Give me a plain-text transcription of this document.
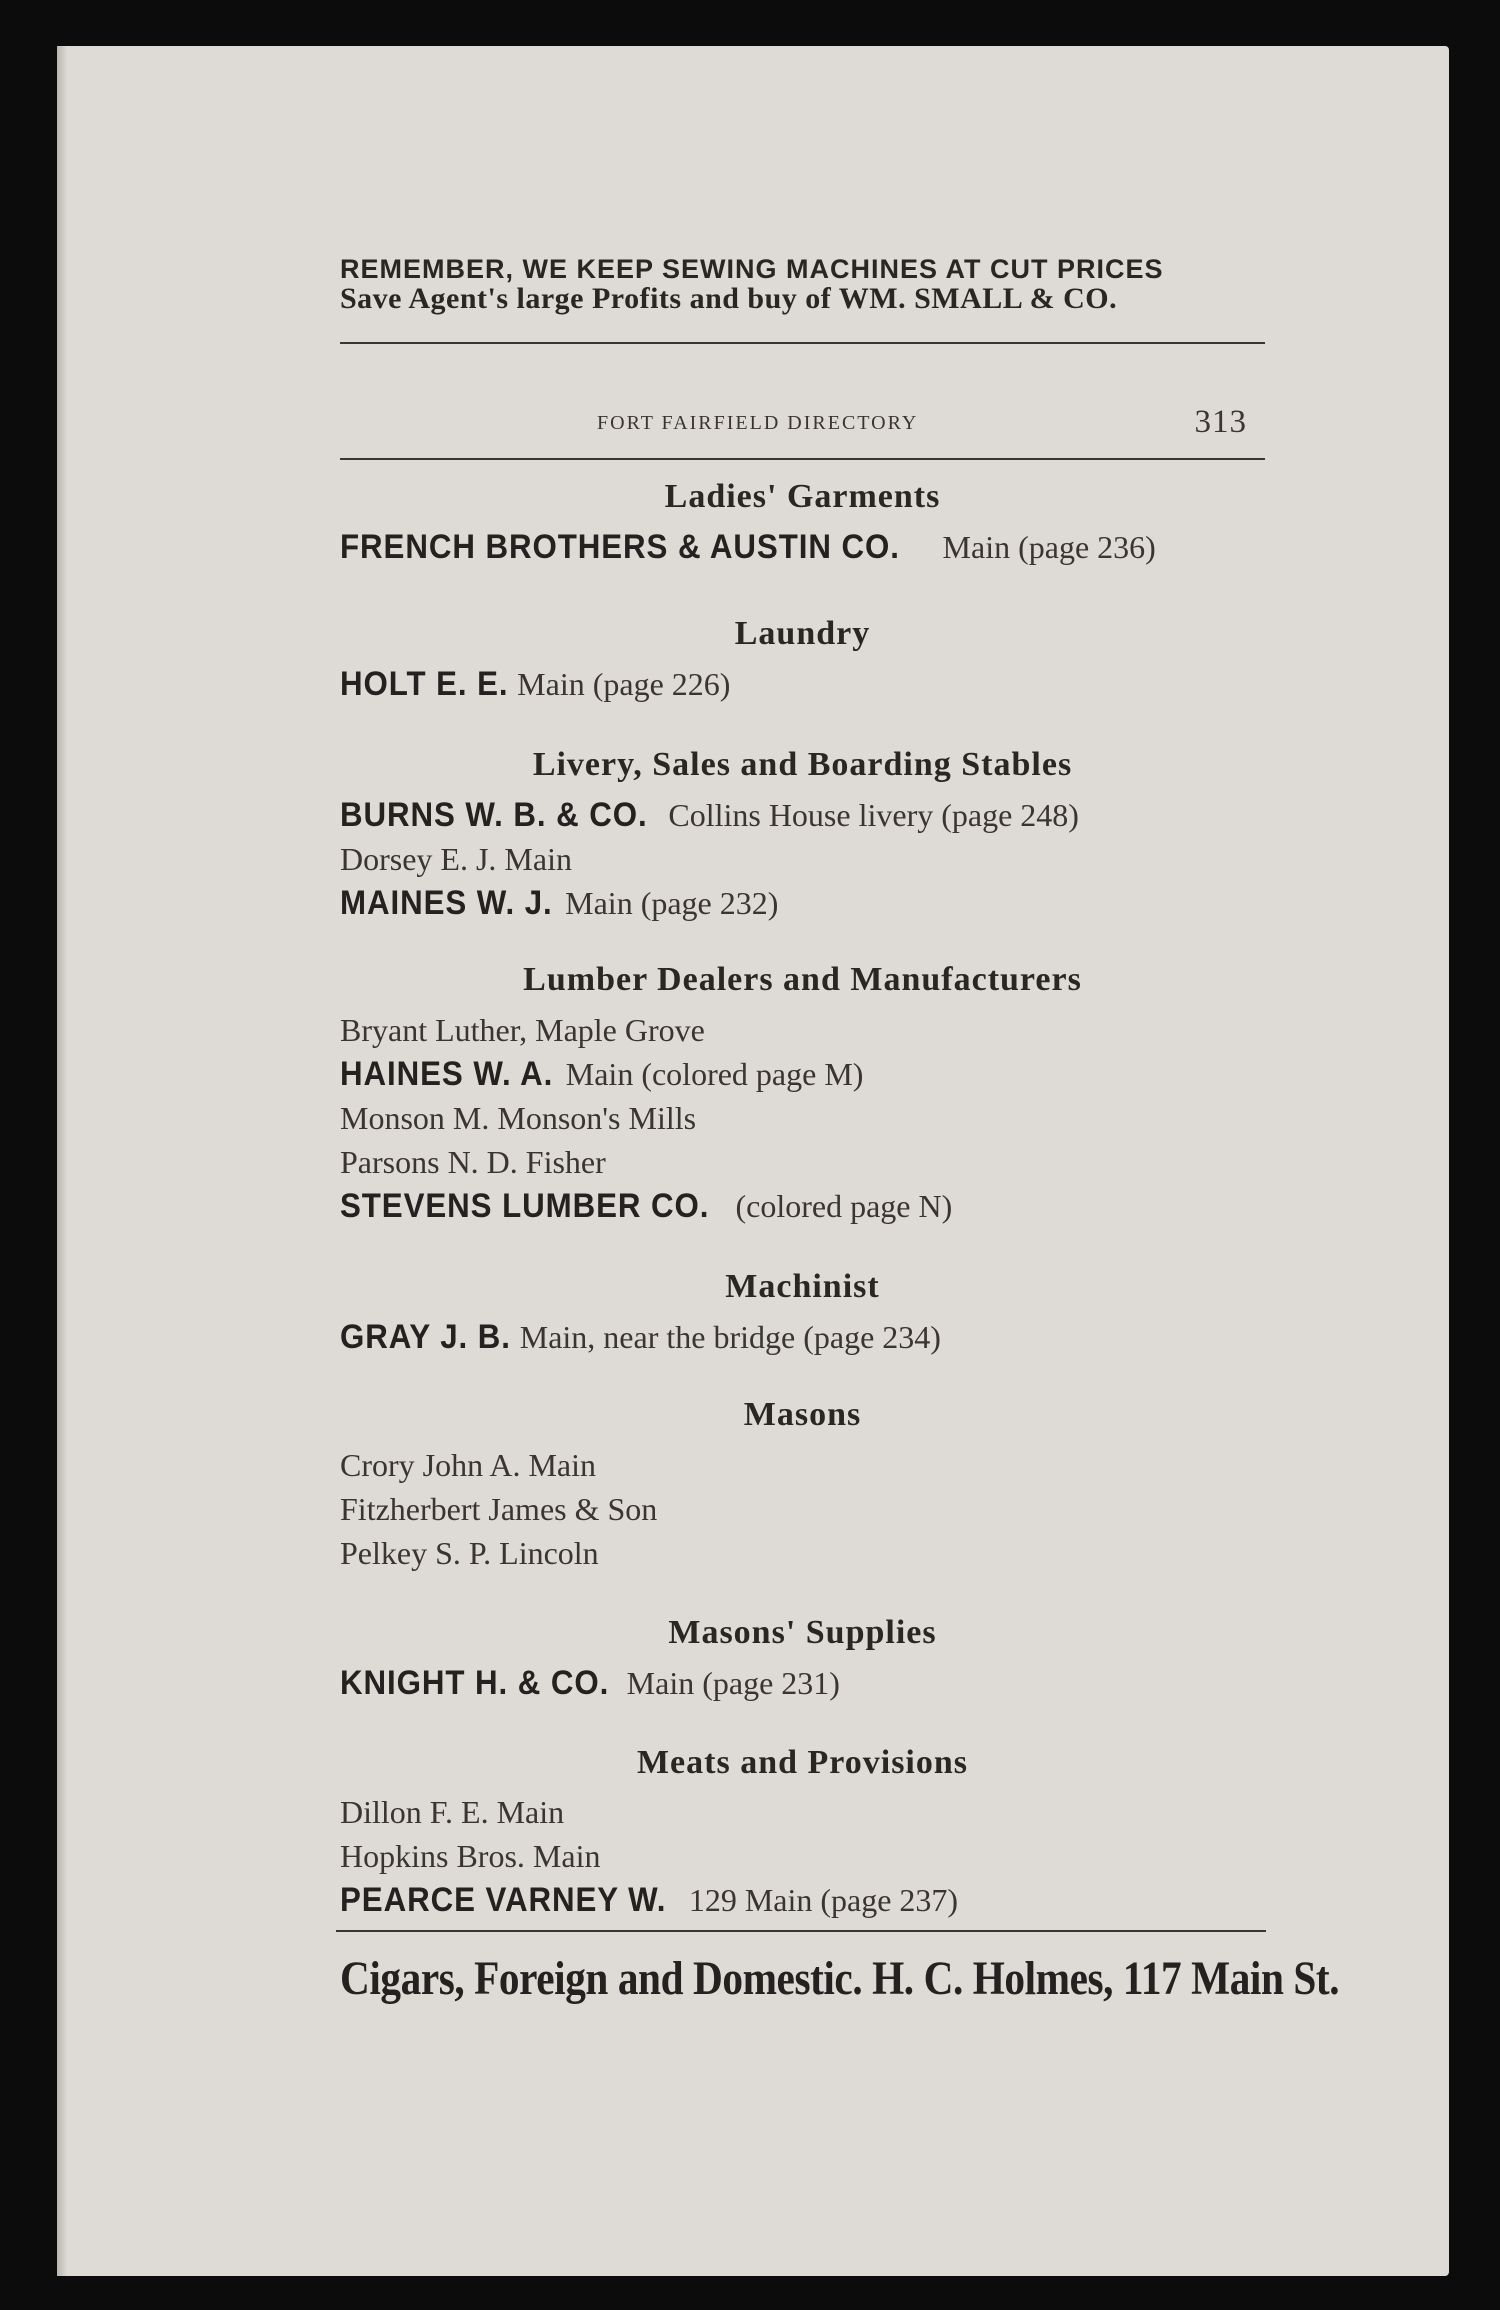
REMEMBER, WE KEEP SEWING MACHINES AT CUT PRICES
Save Agent's large Profits and buy of WM. SMALL & CO.
FORT FAIRFIELD DIRECTORY	313
Ladies' Garments
FRENCH BROTHERS & AUSTIN CO. Main (page 236)
Laundry
HOLT E. E. Main (page 226)
Livery, Sales and Boarding Stables
BURNS W. B. & CO. Collins House livery (page 248)
Dorsey E. J. Main
MAINES W. J. Main (page 232)
Lumber Dealers and Manufacturers
Bryant Luther, Maple Grove
HAINES W. A. Main (colored page M)
Monson M. Monson's Mills
Parsons N. D. Fisher
STEVENS LUMBER CO. (colored page N)
Machinist
GRAY J. B. Main, near the bridge (page 234)
Masons
Crory John A. Main
Fitzherbert James & Son
Pelkey S. P. Lincoln
Masons' Supplies
KNIGHT H. & CO. Main (page 231)
Meats and Provisions
Dillon F. E. Main
Hopkins Bros. Main
PEARCE VARNEY W. 129 Main (page 237)
Cigars, Foreign and Domestic. H. C. Holmes, 117 Main St.
